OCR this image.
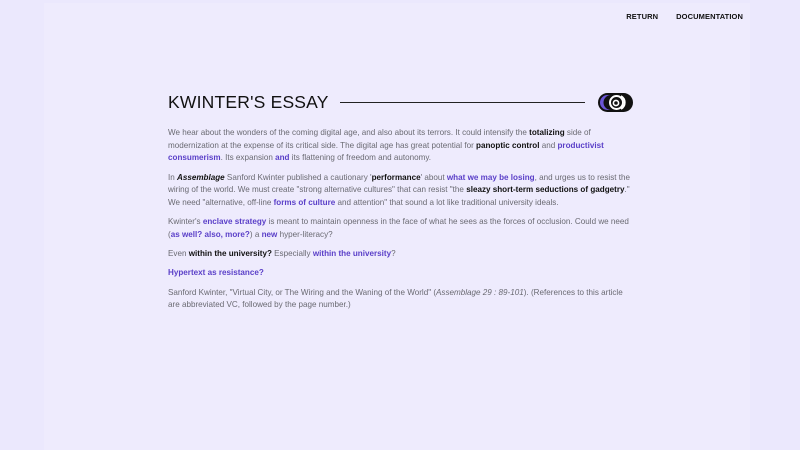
RETURN DOCUMENTATION
KWINTER'S ESSAY

We hear about the wonders of the coming digital age, and also about its terrors. It could intensify the totalizing side of modernization at the expense of its critical side. The digital age has great potential for panoptic control and productivist consumerism. Its expansion and its flattening of freedom and autonomy.

In Assemblage Sanford Kwinter published a cautionary 'performance' about what we may be losing, and urges us to resist the wiring of the world. We must create "strong alternative cultures" that can resist "the sleazy short-term seductions of gadgetry." We need "alternative, off-line forms of culture and attention" that sound a lot like traditional university ideals.

Kwinter's enclave strategy is meant to maintain openness in the face of what he sees as the forces of occlusion. Could we need (as well? also, more?) a new hyper-literacy?

Even within the university? Especially within the university?

Hypertext as resistance?

Sanford Kwinter, "Virtual City, or The Wiring and the Waning of the World" (Assemblage 29 : 89-101). (References to this article are abbreviated VC, followed by the page number.)
